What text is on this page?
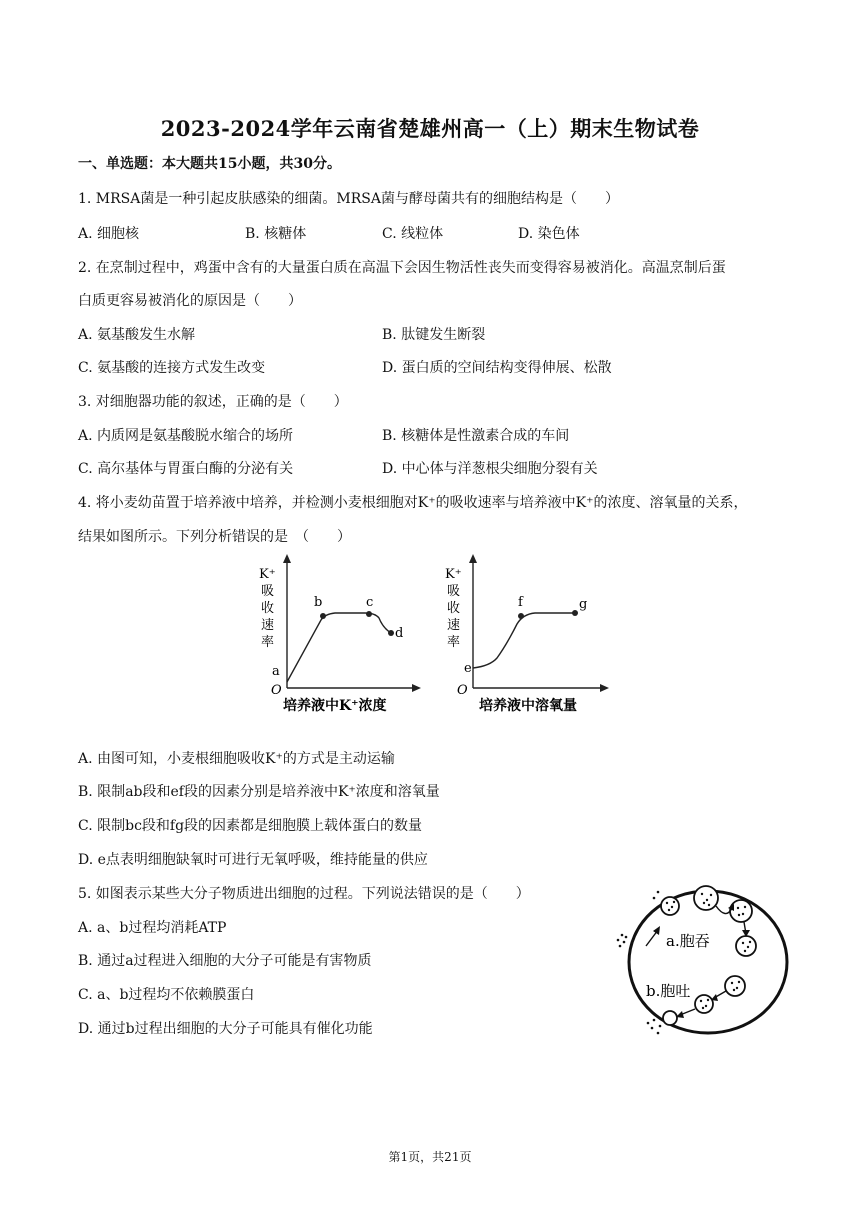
2023-2024学年云南省楚雄州高一（上）期末生物试卷
一、单选题：本大题共15小题，共30分。
1. MRSA菌是一种引起皮肤感染的细菌。MRSA菌与酵母菌共有的细胞结构是（　　）
A. 细胞核	B. 核糖体	C. 线粒体	D. 染色体
2. 在烹制过程中，鸡蛋中含有的大量蛋白质在高温下会因生物活性丧失而变得容易被消化。高温烹制后蛋
白质更容易被消化的原因是（　　）
A. 氨基酸发生水解	B. 肽键发生断裂
C. 氨基酸的连接方式发生改变	D. 蛋白质的空间结构变得伸展、松散
3. 对细胞器功能的叙述，正确的是（　　）
A. 内质网是氨基酸脱水缩合的场所	B. 核糖体是性激素合成的车间
C. 高尔基体与胃蛋白酶的分泌有关	D. 中心体与洋葱根尖细胞分裂有关
4. 将小麦幼苗置于培养液中培养，并检测小麦根细胞对K⁺的吸收速率与培养液中K⁺的浓度、溶氧量的关系，
结果如图所示。下列分析错误的是　（　　）
K⁺
吸
收
速
率
O
a
b	c
d
培养液中K⁺浓度
K⁺
吸
收
速
率
O
e
f	g
培养液中溶氧量
A. 由图可知，小麦根细胞吸收K⁺的方式是主动运输
B. 限制ab段和ef段的因素分别是培养液中K⁺浓度和溶氧量
C. 限制bc段和fg段的因素都是细胞膜上载体蛋白的数量
D. e点表明细胞缺氧时可进行无氧呼吸，维持能量的供应
5. 如图表示某些大分子物质进出细胞的过程。下列说法错误的是（　　）
A. a、b过程均消耗ATP
B. 通过a过程进入细胞的大分子可能是有害物质
C. a、b过程均不依赖膜蛋白
D. 通过b过程出细胞的大分子可能具有催化功能
a.胞吞
b.胞吐
第1页，共21页
